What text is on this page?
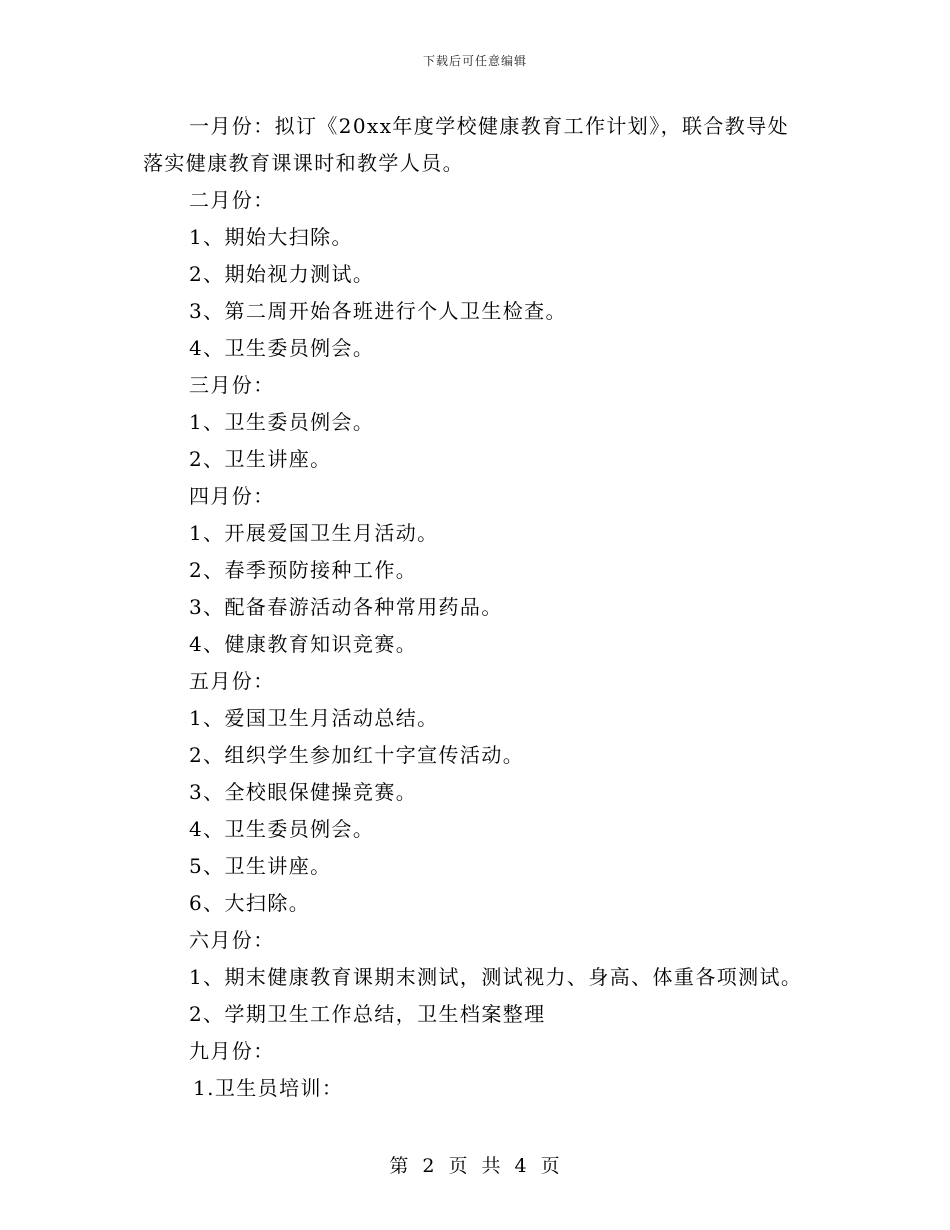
下载后可任意编辑

一月份：拟订《20xx年度学校健康教育工作计划》，联合教导处落实健康教育课课时和教学人员。

二月份：

1、期始大扫除。

2、期始视力测试。

3、第二周开始各班进行个人卫生检查。

4、卫生委员例会。

三月份：

1、卫生委员例会。

2、卫生讲座。

四月份：

1、开展爱国卫生月活动。

2、春季预防接种工作。

3、配备春游活动各种常用药品。

4、健康教育知识竞赛。

五月份：

1、爱国卫生月活动总结。

2、组织学生参加红十字宣传活动。

3、全校眼保健操竞赛。

4、卫生委员例会。

5、卫生讲座。

6、大扫除。

六月份：

1、期末健康教育课期末测试，测试视力、身高、体重各项测试。

2、学期卫生工作总结，卫生档案整理

九月份：

1.卫生员培训：

第 2 页 共 4 页
